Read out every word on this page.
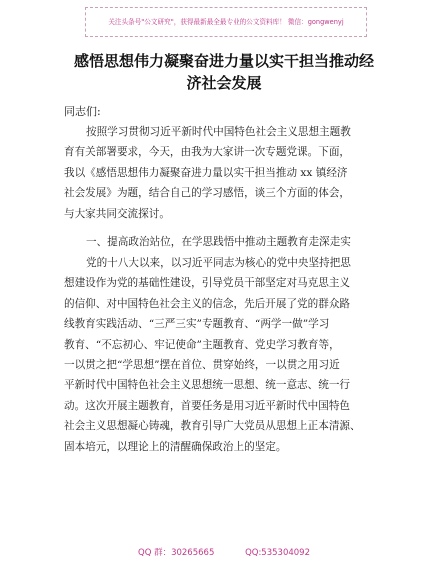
关注头条号"公文研究"，获得最新最全最专业的公文资料库！ 微信：gongwenyj
感悟思想伟力凝聚奋进力量以实干担当推动经
济社会发展
同志们:
按照学习贯彻习近平新时代中国特色社会主义思想主题教
育有关部署要求，今天，由我为大家讲一次专题党课。下面，
我以《感悟思想伟力凝聚奋进力量以实干担当推动 xx 镇经济
社会发展》为题，结合自己的学习感悟，谈三个方面的体会，
与大家共同交流探讨。
一、提高政治站位，在学思践悟中推动主题教育走深走实
党的十八大以来，以习近平同志为核心的党中央坚持把思
想建设作为党的基础性建设，引导党员干部坚定对马克思主义
的信仰、对中国特色社会主义的信念，先后开展了党的群众路
线教育实践活动、“三严三实”专题教育、“两学一做”学习
教育、“不忘初心、牢记使命”主题教育、党史学习教育等，
一以贯之把“学思想”摆在首位、贯穿始终，一以贯之用习近
平新时代中国特色社会主义思想统一思想、统一意志、统一行
动。这次开展主题教育，首要任务是用习近平新时代中国特色
社会主义思想凝心铸魂，教育引导广大党员从思想上正本清源、
固本培元，以理论上的清醒确保政治上的坚定。
QQ 群：30265665	QQ:535304092
